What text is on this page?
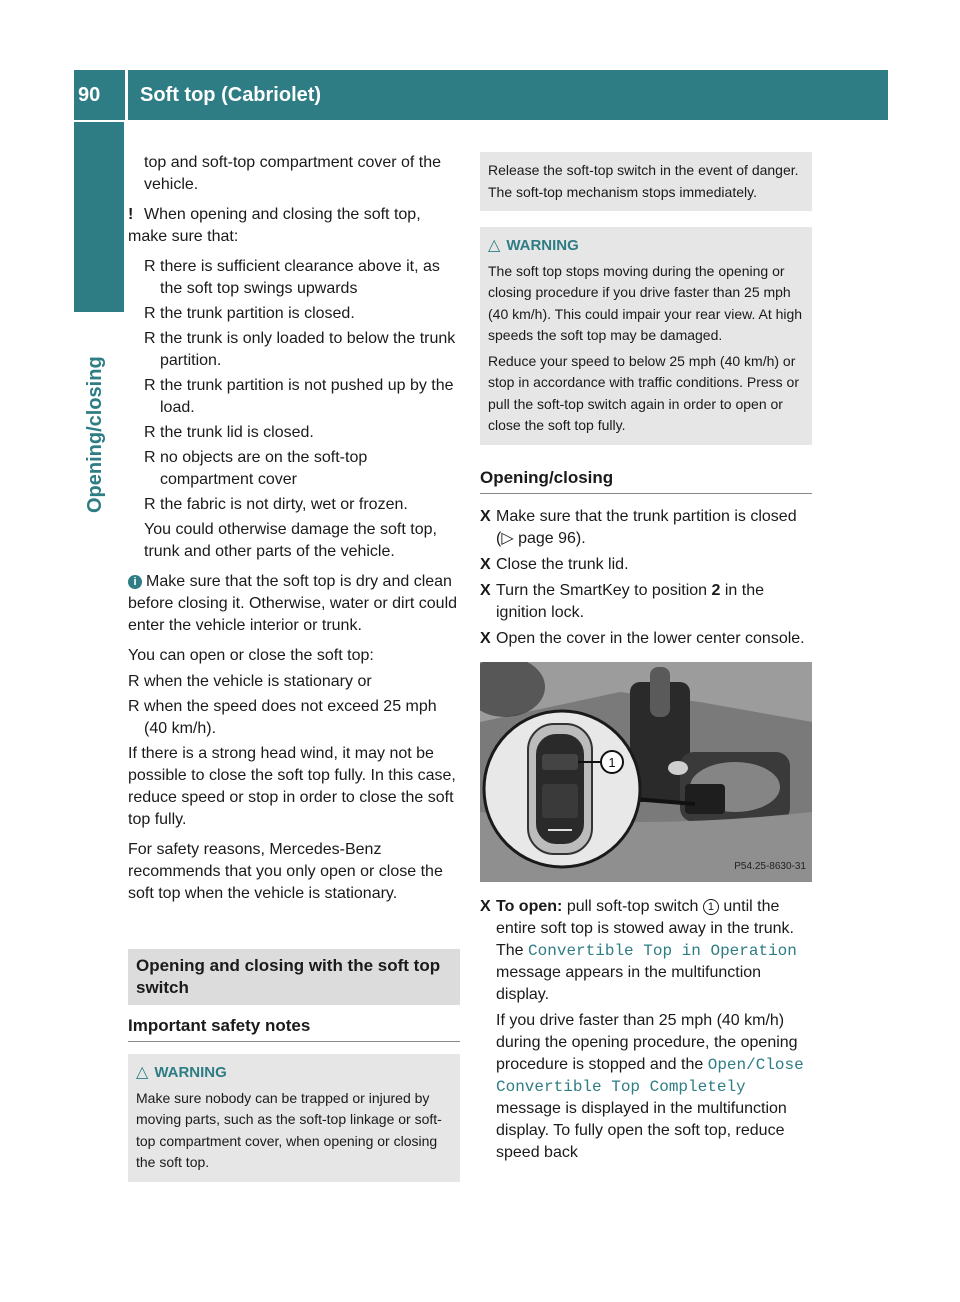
90 Soft top (Cabriolet)
Opening/closing

top and soft-top compartment cover of the vehicle.

! When opening and closing the soft top, make sure that:

R there is sufficient clearance above it, as the soft top swings upwards
R the trunk partition is closed.
R the trunk is only loaded to below the trunk partition.
R the trunk partition is not pushed up by the load.
R the trunk lid is closed.
R no objects are on the soft-top compartment cover
R the fabric is not dirty, wet or frozen.

You could otherwise damage the soft top, trunk and other parts of the vehicle.

i Make sure that the soft top is dry and clean before closing it. Otherwise, water or dirt could enter the vehicle interior or trunk.

You can open or close the soft top:

R when the vehicle is stationary or
R when the speed does not exceed 25 mph (40 km/h).

If there is a strong head wind, it may not be possible to close the soft top fully. In this case, reduce speed or stop in order to close the soft top fully.

For safety reasons, Mercedes-Benz recommends that you only open or close the soft top when the vehicle is stationary.

Opening and closing with the soft top switch
Important safety notes
△ WARNING
Make sure nobody can be trapped or injured by moving parts, such as the soft-top linkage or soft-top compartment cover, when opening or closing the soft top.
Release the soft-top switch in the event of danger. The soft-top mechanism stops immediately.
△ WARNING
The soft top stops moving during the opening or closing procedure if you drive faster than 25 mph (40 km/h). This could impair your rear view. At high speeds the soft top may be damaged.
Reduce your speed to below 25 mph (40 km/h) or stop in accordance with traffic conditions. Press or pull the soft-top switch again in order to open or close the soft top fully.
Opening/closing
X Make sure that the trunk partition is closed (▷ page 96).
X Close the trunk lid.
X Turn the SmartKey to position 2 in the ignition lock.
X Open the cover in the lower center console.
1
P54.25-8630-31
X To open: pull soft-top switch 1 until the entire soft top is stowed away in the trunk. The Convertible Top in Operation message appears in the multifunction display.

If you drive faster than 25 mph (40 km/h) during the opening procedure, the opening procedure is stopped and the Open/Close Convertible Top Completely message is displayed in the multifunction display. To fully open the soft top, reduce speed back
